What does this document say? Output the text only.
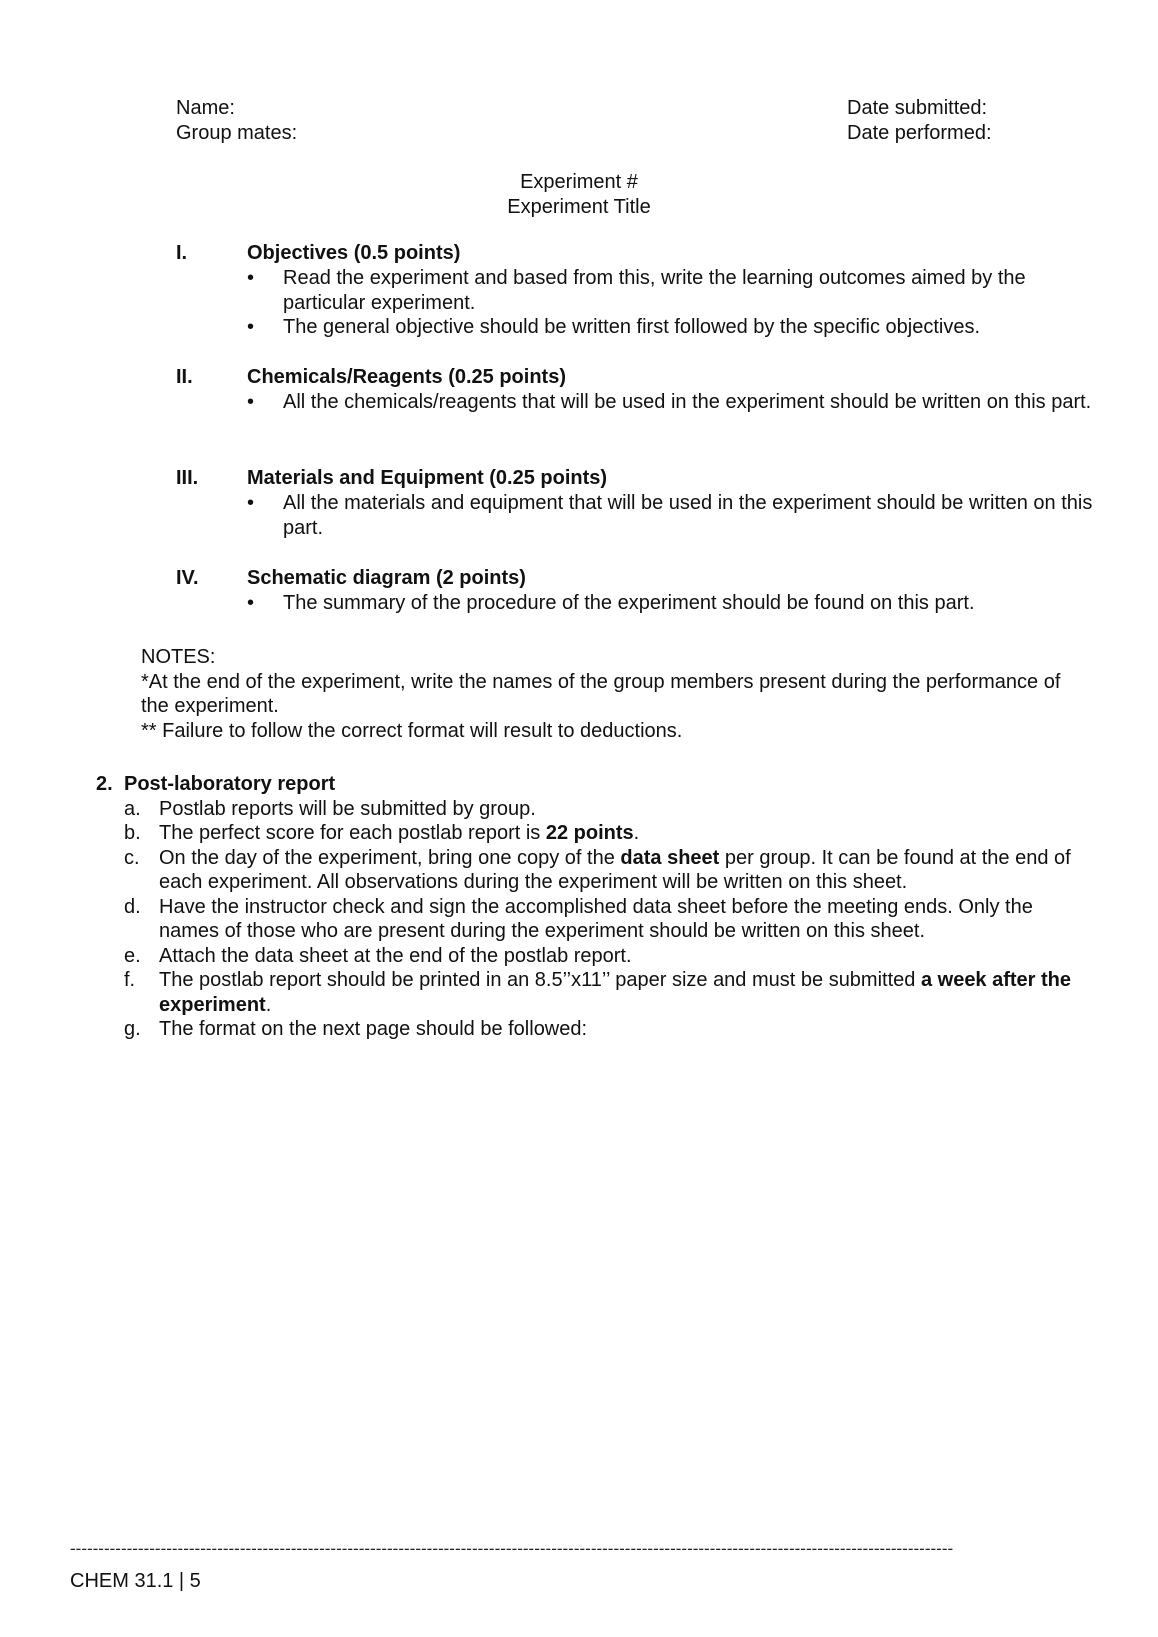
Name:
Group mates:
Date submitted:
Date performed:
Experiment #
Experiment Title
I.	Objectives (0.5 points)
• Read the experiment and based from this, write the learning outcomes aimed by the particular experiment.
• The general objective should be written first followed by the specific objectives.
II.	Chemicals/Reagents (0.25 points)
• All the chemicals/reagents that will be used in the experiment should be written on this part.
III. Materials and Equipment (0.25 points)
• All the materials and equipment that will be used in the experiment should be written on this part.
IV. Schematic diagram (2 points)
• The summary of the procedure of the experiment should be found on this part.
NOTES:
*At the end of the experiment, write the names of the group members present during the performance of the experiment.
** Failure to follow the correct format will result to deductions.
2. Post-laboratory report
a. Postlab reports will be submitted by group.
b. The perfect score for each postlab report is 22 points.
c. On the day of the experiment, bring one copy of the data sheet per group. It can be found at the end of each experiment. All observations during the experiment will be written on this sheet.
d. Have the instructor check and sign the accomplished data sheet before the meeting ends. Only the names of those who are present during the experiment should be written on this sheet.
e. Attach the data sheet at the end of the postlab report.
f. The postlab report should be printed in an 8.5’’x11’’ paper size and must be submitted a week after the experiment.
g. The format on the next page should be followed:
------------------------------------------------------------------------------------------------------------------------------------------------------------
CHEM 31.1 | 5
